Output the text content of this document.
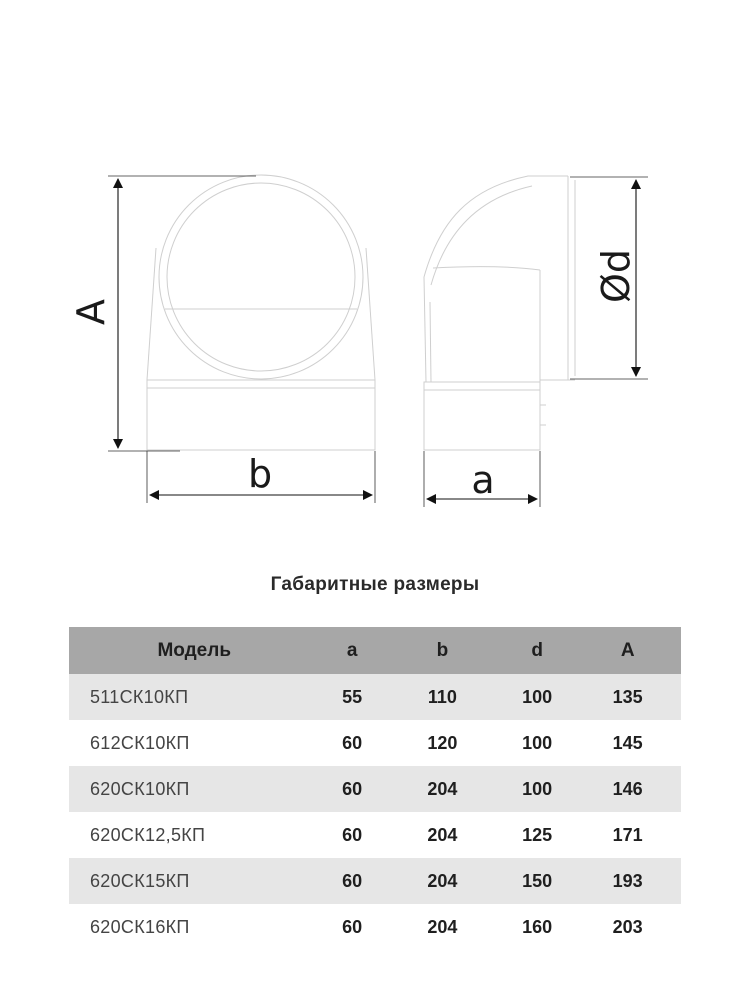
A
b	a
Ød
Габаритные размеры
Модель	a	b	d	A
511СК10КП	55	110	100	135
612СК10КП	60	120	100	145
620СК10КП	60	204	100	146
620СК12,5КП	60	204	125	171
620СК15КП	60	204	150	193
620СК16КП	60	204	160	203
